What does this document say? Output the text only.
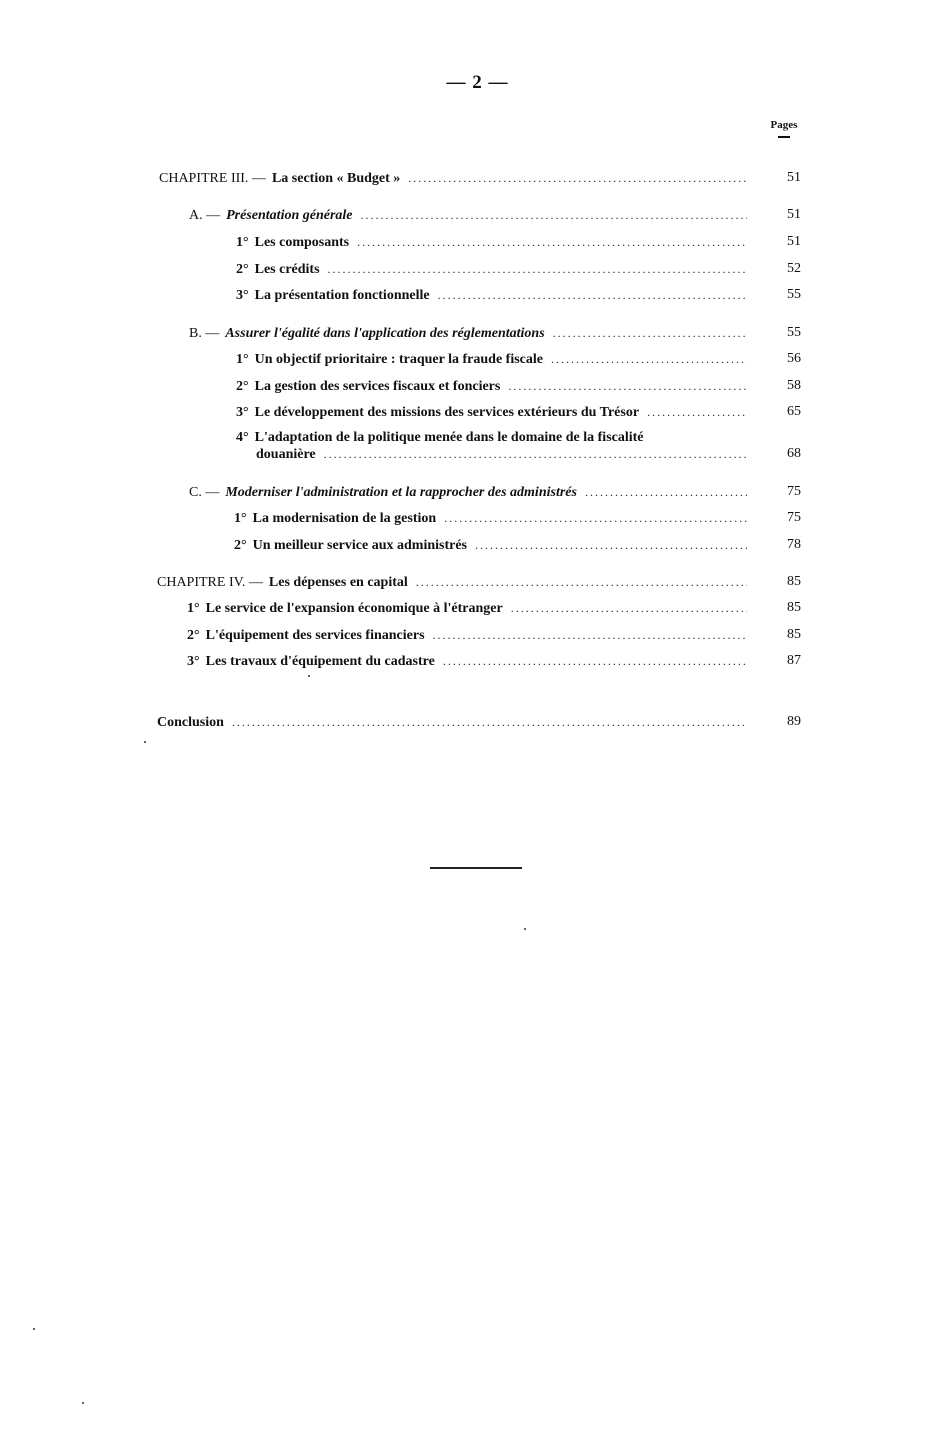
— 2 —
Pages
CHAPITRE III. — La section « Budget » . . .	51
A. — Présentation générale . . .	51
1° Les composants . . .	51
2° Les crédits . . .	52
3° La présentation fonctionnelle . . .	55
B. — Assurer l'égalité dans l'application des réglementations . . .	55
1° Un objectif prioritaire : traquer la fraude fiscale . . .	56
2° La gestion des services fiscaux et fonciers . . .	58
3° Le développement des missions des services extérieurs du Trésor . . .	65
4° L'adaptation de la politique menée dans le domaine de la fiscalité
douanière . . .	68
C. — Moderniser l'administration et la rapprocher des administrés . . .	75
1° La modernisation de la gestion . . .	75
2° Un meilleur service aux administrés . . .	78
CHAPITRE IV. — Les dépenses en capital . . .	85
1° Le service de l'expansion économique à l'étranger . . .	85
2° L'équipement des services financiers . . .	85
3° Les travaux d'équipement du cadastre . . .	87
Conclusion . . .	89
